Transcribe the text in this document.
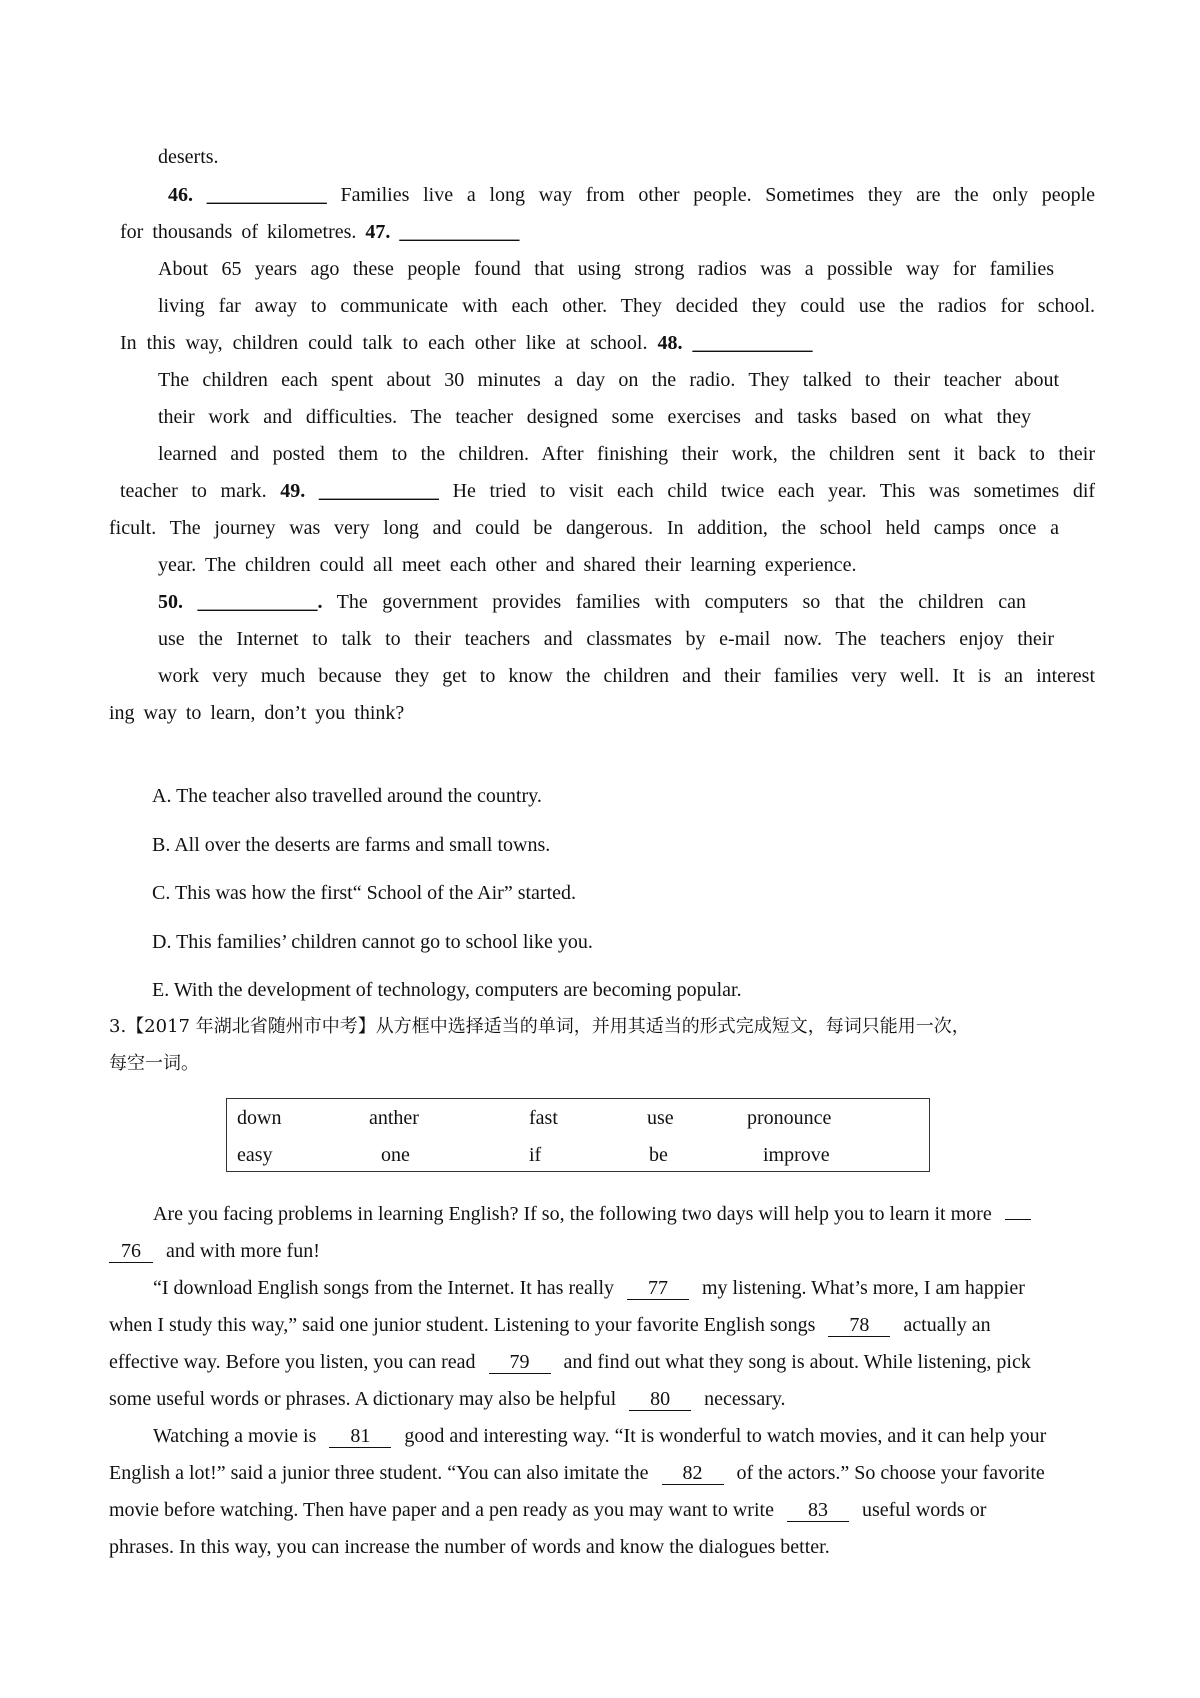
deserts.
46. ____________ Families live a long way from other people. Sometimes they are the only people
for thousands of kilometres. 47. ____________
About 65 years ago these people found that using strong radios was a possible way for families
living far away to communicate with each other. They decided they could use the radios for school.
In this way, children could talk to each other like at school. 48. ____________
The children each spent about 30 minutes a day on the radio. They talked to their teacher about
their work and difficulties. The teacher designed some exercises and tasks based on what they
learned and posted them to the children. After finishing their work, the children sent it back to their
teacher to mark. 49. ____________ He tried to visit each child twice each year. This was sometimes dif
ficult. The journey was very long and could be dangerous. In addition, the school held camps once a
year. The children could all meet each other and shared their learning experience.
50. ____________. The government provides families with computers so that the children can
use the Internet to talk to their teachers and classmates by e-mail now. The teachers enjoy their
work very much because they get to know the children and their families very well. It is an interest
ing way to learn, don’t you think?
A. The teacher also travelled around the country.
B. All over the deserts are farms and small towns.
C. This was how the first“ School of the Air” started.
D. This families’ children cannot go to school like you.
E. With the development of technology, computers are becoming popular.
3.【2017 年湖北省随州市中考】从方框中选择适当的单词，并用其适当的形式完成短文，每词只能用一次，
每空一词。
down	anther	fast	use	pronounce
easy	one	if	be	improve
Are you facing problems in learning English? If so, the following two days will help you to learn it more
76 and with more fun!
“I download English songs from the Internet. It has really 77 my listening. What’s more, I am happier
when I study this way,” said one junior student. Listening to your favorite English songs 78 actually an
effective way. Before you listen, you can read 79 and find out what they song is about. While listening, pick
some useful words or phrases. A dictionary may also be helpful 80 necessary.
Watching a movie is 81 good and interesting way. “It is wonderful to watch movies, and it can help your
English a lot!” said a junior three student. “You can also imitate the 82 of the actors.” So choose your favorite
movie before watching. Then have paper and a pen ready as you may want to write 83 useful words or
phrases. In this way, you can increase the number of words and know the dialogues better.
